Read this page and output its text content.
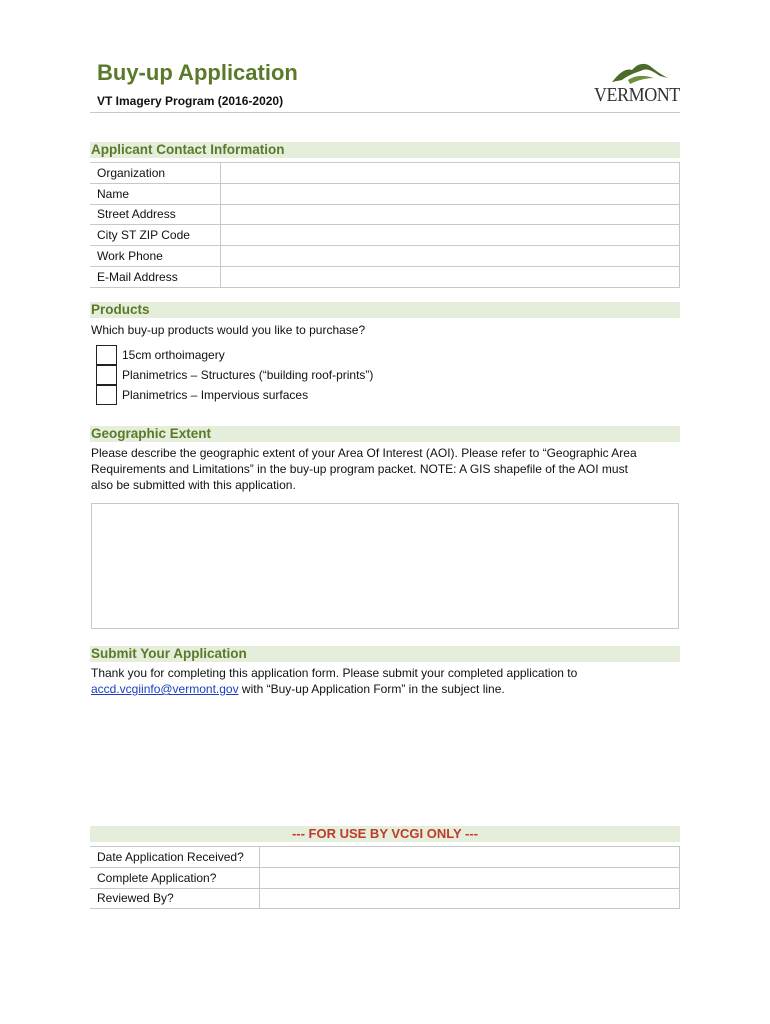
Buy-up Application
VT Imagery Program (2016-2020)	VERMONT
Applicant Contact Information
Organization	
Name	
Street Address	
City ST ZIP Code	
Work Phone	
E-Mail Address	
Products
Which buy-up products would you like to purchase?
15cm orthoimagery
Planimetrics – Structures (“building roof-prints”)
Planimetrics – Impervious surfaces
Geographic Extent
Please describe the geographic extent of your Area Of Interest (AOI). Please refer to “Geographic Area
Requirements and Limitations” in the buy-up program packet. NOTE: A GIS shapefile of the AOI must
also be submitted with this application.
Submit Your Application
Thank you for completing this application form. Please submit your completed application to
accd.vcgiinfo@vermont.gov with “Buy-up Application Form” in the subject line.
--- FOR USE BY VCGI ONLY ---
Date Application Received?	
Complete Application?	
Reviewed By?	
